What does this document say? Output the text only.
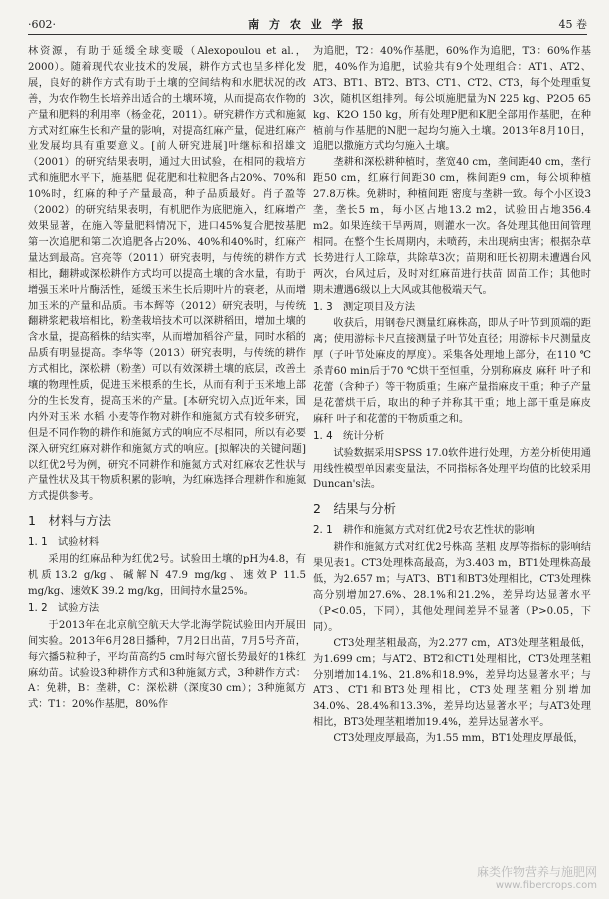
·602·	南 方 农 业 学 报	45 卷

林资源，有助于延缓全球变暖（Alexopoulou et al.，2000）。随着现代农业技术的发展，耕作方式也呈多样化发展，良好的耕作方式有助于土壤的空间结构和水肥状况的改善，为农作物生长培养出适合的土壤环境，从而提高农作物的产量和肥料的利用率（杨金花，2011）。研究耕作方式和施氮方式对红麻生长和产量的影响，对提高红麻产量，促进红麻产业发展均具有重要意义。[前人研究进展]叶继标和招雄文（2001）的研究结果表明，通过大田试验，在相同的栽培方式和施肥水平下，施基肥 促花肥和壮粒肥各占20%、70%和10%时，红麻的种子产量最高，种子品质最好。肖子盈等（2002）的研究结果表明，有机肥作为底肥施入，红麻增产效果显著，在施入等量肥料情况下，进口45%复合肥按基肥 第一次追肥和第二次追肥各占20%、40%和40%时，红麻产量达到最高。宫亮等（2011）研究表明，与传统的耕作方式相比，翻耕或深松耕作方式均可以提高土壤的含水量，有助于增强玉米叶片酶活性，延缓玉米生长后期叶片的衰老，从而增加玉米的产量和品质。韦本辉等（2012）研究表明，与传统翻耕浆耙栽培相比，粉垄栽培技术可以深耕稻田，增加土壤的含水量，提高稻株的结实率，从而增加稻谷产量，同时水稻的品质有明显提高。李华等（2013）研究表明，与传统的耕作方式相比，深松耕（粉垄）可以有效深耕土壤的底层，改善土壤的物理性质，促进玉米根系的生长，从而有利于玉米地上部分的生长发育，提高玉米的产量。[本研究切入点]近年来，国内外对玉米 水稻 小麦等作物对耕作和施氮方式有较多研究，但是不同作物的耕作和施氮方式的响应不尽相同，所以有必要深入研究红麻对耕作和施氮方式的响应。[拟解决的关键问题]以红优2号为例，研究不同耕作和施氮方式对红麻农艺性状与产量性状及其干物质积累的影响，为红麻选择合理耕作和施氮方式提供参考。

1　材料与方法
1. 1　试验材料

采用的红麻品种为红优2号。试验田土壤的pH为4.8，有机质13.2 g/kg、碱解N 47.9 mg/kg、速效P 11.5 mg/kg、速效K 39.2 mg/kg，田间持水量25%。

1. 2　试验方法

于2013年在北京航空航天大学北海学院试验田内开展田间实验。2013年6月28日播种，7月2日出苗，7月5号齐苗，每穴播5粒种子，平均苗高约5 cm时每穴留长势最好的1株红麻幼苗。试验设3种耕作方式和3种施氮方式，3种耕作方式：A：免耕，B：垄耕，C：深松耕（深度30 cm）；3种施氮方式：T1：20%作基肥，80%作

为追肥，T2：40%作基肥，60%作为追肥，T3：60%作基肥，40%作为追肥，试验共有9个处理组合：AT1、AT2、AT3、BT1、BT2、BT3、CT1、CT2、CT3，每个处理重复3次，随机区组排列。每公顷施肥量为N 225 kg、P2O5 65 kg、K2O 150 kg，所有处理P肥和K肥全部用作基肥，在种植前与作基肥的N肥一起均匀施入土壤。2013年8月10日，追肥以撒施方式均匀施入土壤。

垄耕和深松耕种植时，垄宽40 cm，垄间距40 cm，垄行距50 cm，红麻行间距30 cm，株间距9 cm，每公顷种植27.8万株。免耕时，种植间距 密度与垄耕一致。每个小区设3垄，垄长5 m，每小区占地13.2 m2，试验田占地356.4 m2。如果连续干旱两周，则灌水一次。各处理其他田间管理相同。在整个生长周期内，未喷药，未出现病虫害；根据杂草长势进行人工除草，共除草3次；苗期和旺长初期未遭遇台风两次，台风过后，及时对红麻苗进行扶苗 固苗工作；其他时期未遭遇6级以上大风或其他极端天气。

1. 3　测定项目及方法

收获后，用钢卷尺测量红麻株高，即从子叶节到顶端的距离；使用游标卡尺直接测量子叶节处直径；用游标卡尺测量皮厚（子叶节处麻皮的厚度）。采集各处理地上部分，在110 ℃杀青60 min后于70 ℃烘干至恒重，分别称麻皮 麻秆 叶子和花蕾（含种子）等干物质重；生麻产量指麻皮干重；种子产量是花蕾烘干后，取出的种子并称其干重；地上部干重是麻皮 麻秆 叶子和花蕾的干物质重之和。

1. 4　统计分析

试验数据采用SPSS 17.0软件进行处理，方差分析使用通用线性模型单因素变量法，不同指标各处理平均值的比较采用Duncan's法。

2　结果与分析
2. 1　耕作和施氮方式对红优2号农艺性状的影响

耕作和施氮方式对红优2号株高 茎粗 皮厚等指标的影响结果见表1。CT3处理株高最高，为3.403 m，BT1处理株高最低，为2.657 m；与AT3、BT1和BT3处理相比，CT3处理株高分别增加27.6%、28.1%和21.2%，差异均达显著水平（P<0.05，下同），其他处理间差异不显著（P>0.05，下同）。

CT3处理茎粗最高，为2.277 cm，AT3处理茎粗最低，为1.699 cm；与AT2、BT2和CT1处理相比，CT3处理茎粗分别增加14.1%、21.8%和18.9%，差异均达显著水平；与AT3、CT1和BT3处理相比，CT3处理茎粗分别增加34.0%、28.4%和13.3%，差异均达显著水平；与AT3处理相比，BT3处理茎粗增加19.4%，差异达显著水平。

CT3处理皮厚最高，为1.55 mm，BT1处理皮厚最低，

麻类作物营养与施肥网
www.fibercrops.com
